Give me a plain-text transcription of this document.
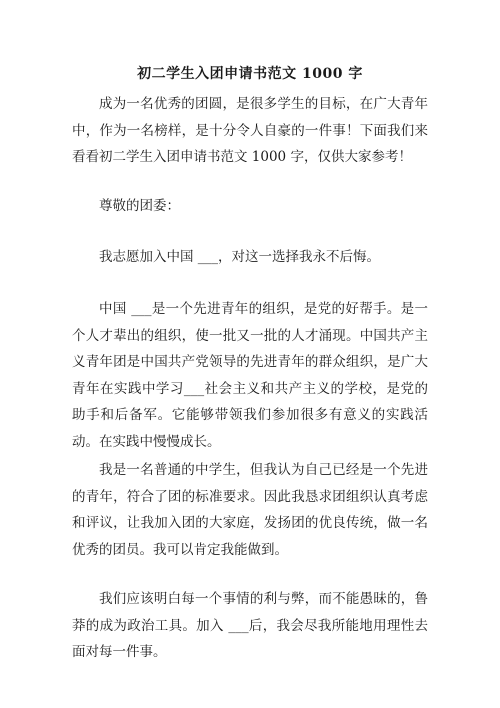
初二学生入团申请书范文 1000 字

成为一名优秀的团圆，是很多学生的目标，在广大青年中，作为一名榜样，是十分令人自豪的一件事！下面我们来看看初二学生入团申请书范文 1000 字，仅供大家参考！

尊敬的团委：

我志愿加入中国 ___，对这一选择我永不后悔。

中国 ___是一个先进青年的组织，是党的好帮手。是一个人才辈出的组织，使一批又一批的人才涌现。中国共产主义青年团是中国共产党领导的先进青年的群众组织，是广大青年在实践中学习___社会主义和共产主义的学校，是党的助手和后备军。它能够带领我们参加很多有意义的实践活动。在实践中慢慢成长。

我是一名普通的中学生，但我认为自己已经是一个先进的青年，符合了团的标准要求。因此我恳求团组织认真考虑和评议，让我加入团的大家庭，发扬团的优良传统，做一名优秀的团员。我可以肯定我能做到。

我们应该明白每一个事情的利与弊，而不能愚昧的，鲁莽的成为政治工具。加入 ___后，我会尽我所能地用理性去面对每一件事。
